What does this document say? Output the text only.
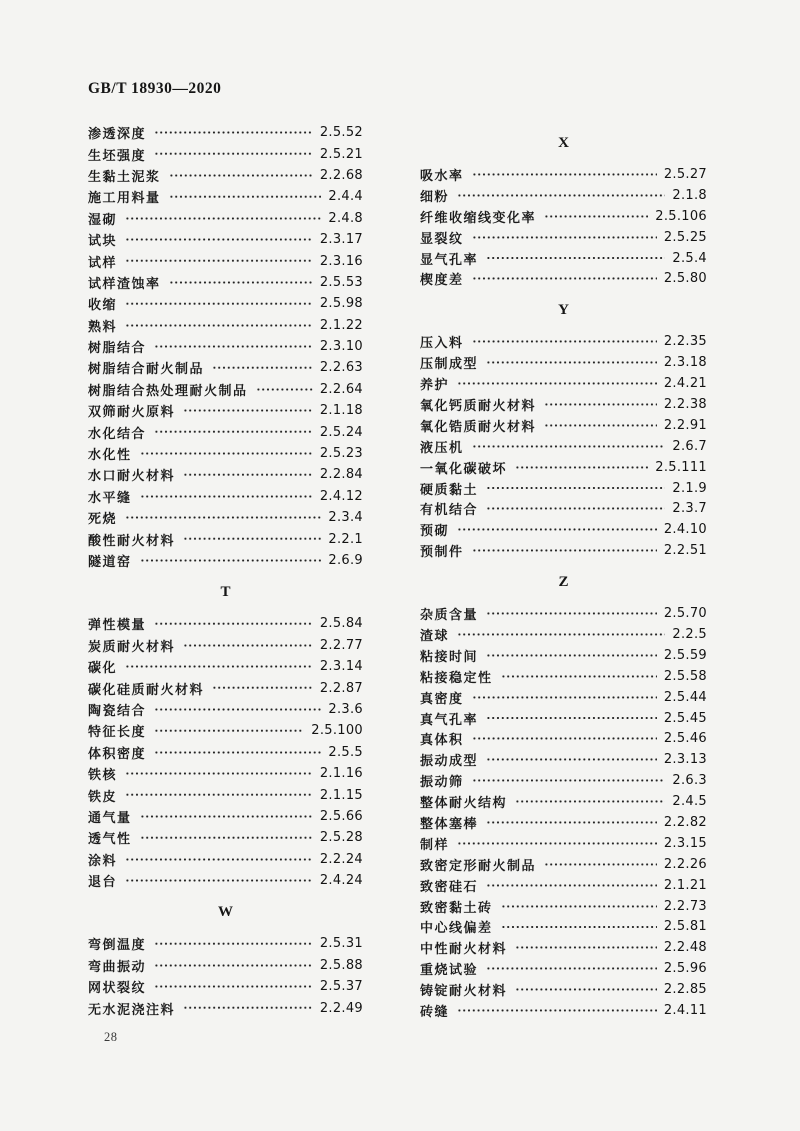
GB/T 18930—2020
渗透深度	2.5.52
生坯强度	2.5.21
生黏土泥浆	2.2.68
施工用料量	2.4.4
湿砌	2.4.8
试块	2.3.17
试样	2.3.16
试样渣蚀率	2.5.53
收缩	2.5.98
熟料	2.1.22
树脂结合	2.3.10
树脂结合耐火制品	2.2.63
树脂结合热处理耐火制品	2.2.64
双筛耐火原料	2.1.18
水化结合	2.5.24
水化性	2.5.23
水口耐火材料	2.2.84
水平缝	2.4.12
死烧	2.3.4
酸性耐火材料	2.2.1
隧道窑	2.6.9
T
弹性模量	2.5.84
炭质耐火材料	2.2.77
碳化	2.3.14
碳化硅质耐火材料	2.2.87
陶瓷结合	2.3.6
特征长度	2.5.100
体积密度	2.5.5
铁核	2.1.16
铁皮	2.1.15
通气量	2.5.66
透气性	2.5.28
涂料	2.2.24
退台	2.4.24
W
弯倒温度	2.5.31
弯曲振动	2.5.88
网状裂纹	2.5.37
无水泥浇注料	2.2.49
X
吸水率	2.5.27
细粉	2.1.8
纤维收缩线变化率	2.5.106
显裂纹	2.5.25
显气孔率	2.5.4
楔度差	2.5.80
Y
压入料	2.2.35
压制成型	2.3.18
养护	2.4.21
氧化钙质耐火材料	2.2.38
氧化锆质耐火材料	2.2.91
液压机	2.6.7
一氧化碳破坏	2.5.111
硬质黏土	2.1.9
有机结合	2.3.7
预砌	2.4.10
预制件	2.2.51
Z
杂质含量	2.5.70
渣球	2.2.5
粘接时间	2.5.59
粘接稳定性	2.5.58
真密度	2.5.44
真气孔率	2.5.45
真体积	2.5.46
振动成型	2.3.13
振动筛	2.6.3
整体耐火结构	2.4.5
整体塞棒	2.2.82
制样	2.3.15
致密定形耐火制品	2.2.26
致密硅石	2.1.21
致密黏土砖	2.2.73
中心线偏差	2.5.81
中性耐火材料	2.2.48
重烧试验	2.5.96
铸锭耐火材料	2.2.85
砖缝	2.4.11
28
